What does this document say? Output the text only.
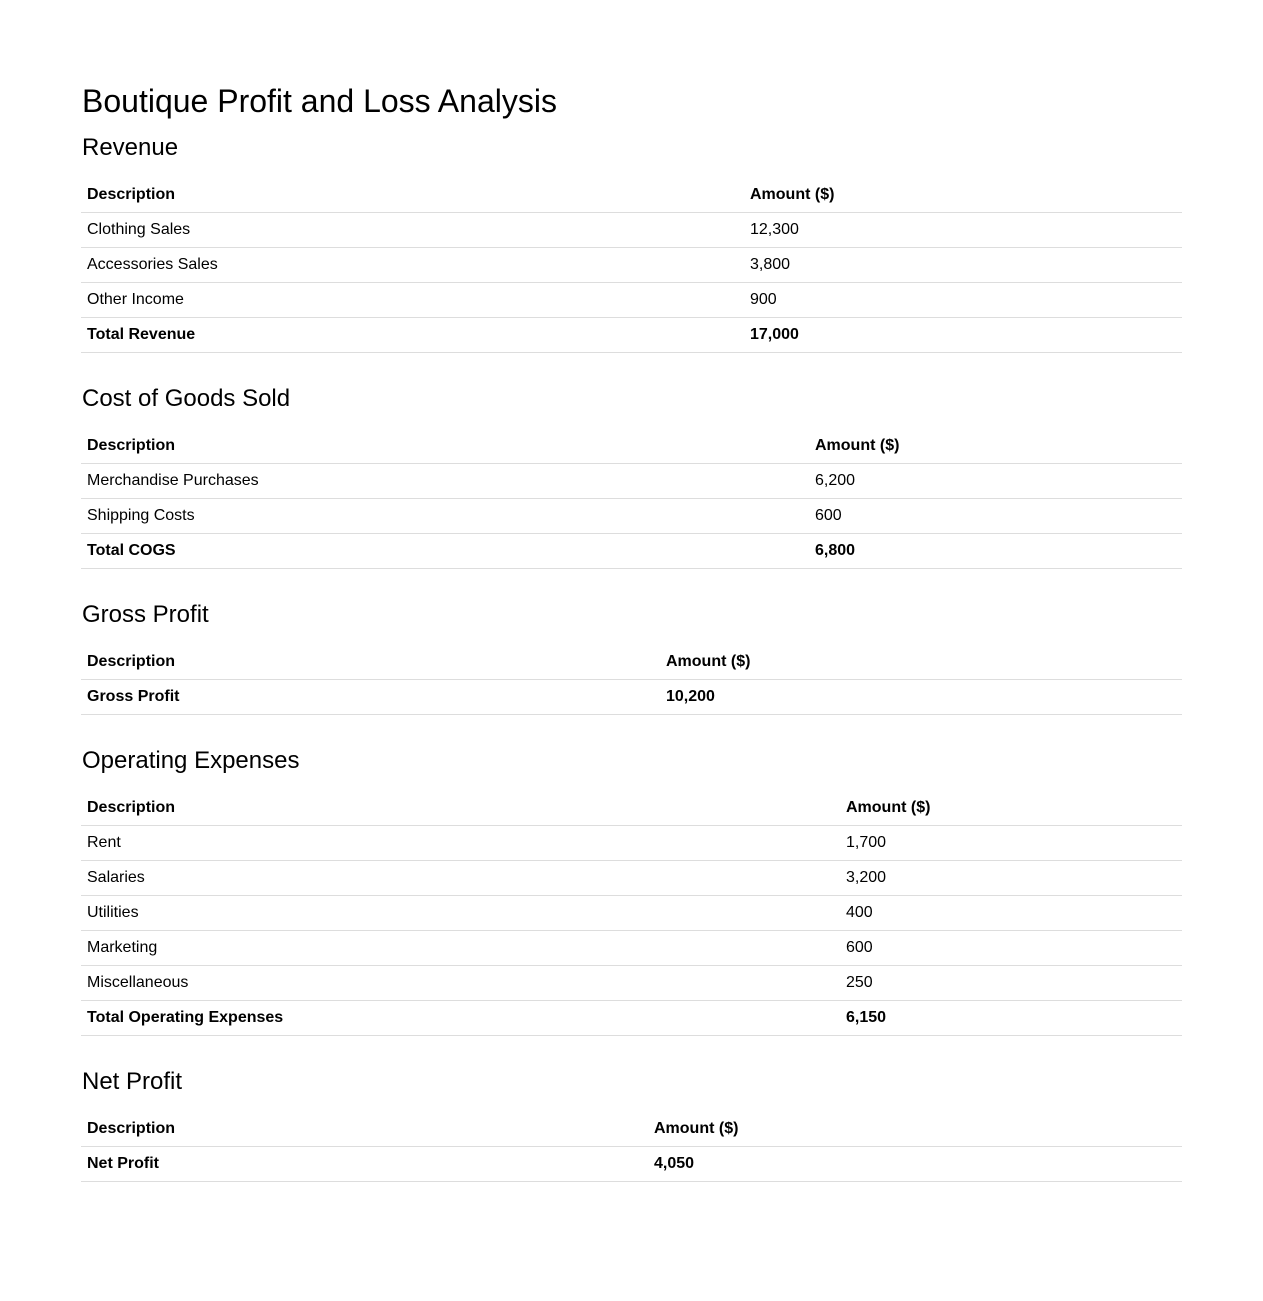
Boutique Profit and Loss Analysis
Revenue
Description	Amount ($)
Clothing Sales	12,300
Accessories Sales	3,800
Other Income	900
Total Revenue	17,000
Cost of Goods Sold
Description	Amount ($)
Merchandise Purchases	6,200
Shipping Costs	600
Total COGS	6,800
Gross Profit
Description	Amount ($)
Gross Profit	10,200
Operating Expenses
Description	Amount ($)
Rent	1,700
Salaries	3,200
Utilities	400
Marketing	600
Miscellaneous	250
Total Operating Expenses	6,150
Net Profit
Description	Amount ($)
Net Profit	4,050
